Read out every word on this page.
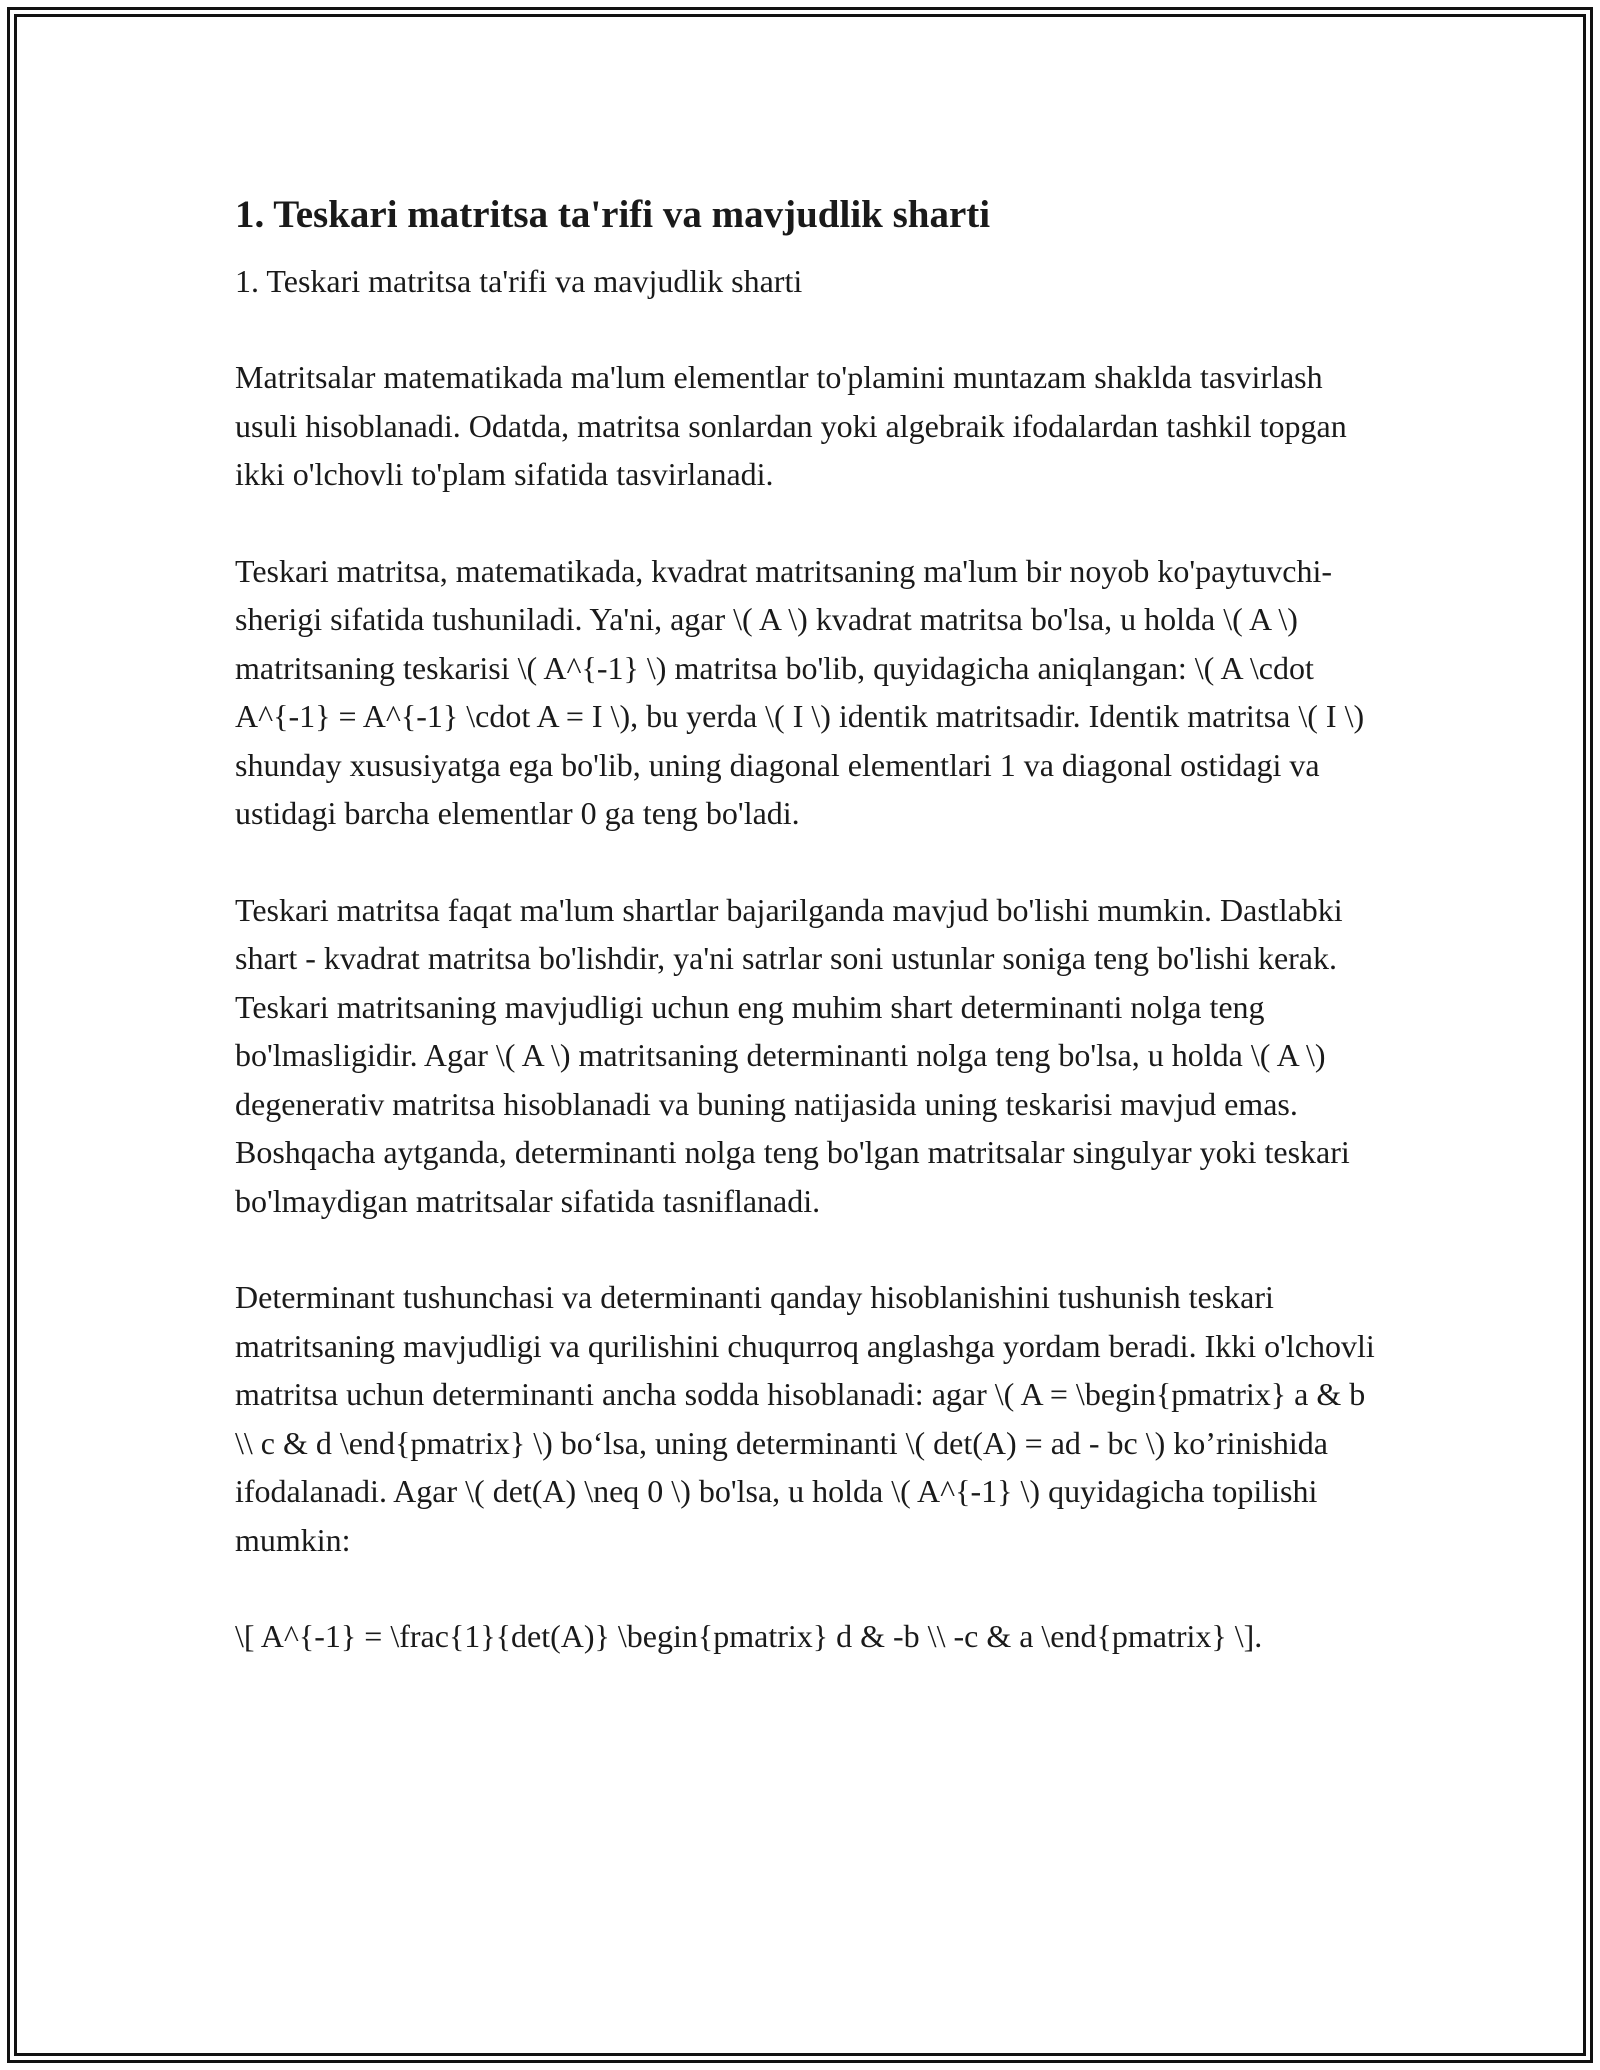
1. Teskari matritsa ta'rifi va mavjudlik sharti

1. Teskari matritsa ta'rifi va mavjudlik sharti

Matritsalar matematikada ma'lum elementlar to'plamini muntazam shaklda tasvirlash usuli hisoblanadi. Odatda, matritsa sonlardan yoki algebraik ifodalardan tashkil topgan ikki o'lchovli to'plam sifatida tasvirlanadi.

Teskari matritsa, matematikada, kvadrat matritsaning ma'lum bir noyob ko'paytuvchi-sherigi sifatida tushuniladi. Ya'ni, agar \( A \) kvadrat matritsa bo'lsa, u holda \( A \) matritsaning teskarisi \( A^{-1} \) matritsa bo'lib, quyidagicha aniqlangan: \( A \cdot A^{-1} = A^{-1} \cdot A = I \), bu yerda \( I \) identik matritsadir. Identik matritsa \( I \) shunday xususiyatga ega bo'lib, uning diagonal elementlari 1 va diagonal ostidagi va ustidagi barcha elementlar 0 ga teng bo'ladi.

Teskari matritsa faqat ma'lum shartlar bajarilganda mavjud bo'lishi mumkin. Dastlabki shart - kvadrat matritsa bo'lishdir, ya'ni satrlar soni ustunlar soniga teng bo'lishi kerak. Teskari matritsaning mavjudligi uchun eng muhim shart determinanti nolga teng bo'lmasligidir. Agar \( A \) matritsaning determinanti nolga teng bo'lsa, u holda \( A \) degenerativ matritsa hisoblanadi va buning natijasida uning teskarisi mavjud emas. Boshqacha aytganda, determinanti nolga teng bo'lgan matritsalar singulyar yoki teskari bo'lmaydigan matritsalar sifatida tasniflanadi.

Determinant tushunchasi va determinanti qanday hisoblanishini tushunish teskari matritsaning mavjudligi va qurilishini chuqurroq anglashga yordam beradi. Ikki o'lchovli matritsa uchun determinanti ancha sodda hisoblanadi: agar \( A = \begin{pmatrix} a & b \\ c & d \end{pmatrix} \) bo‘lsa, uning determinanti \( det(A) = ad - bc \) ko’rinishida ifodalanadi. Agar \( det(A) \neq 0 \) bo'lsa, u holda \( A^{-1} \) quyidagicha topilishi mumkin:

\[ A^{-1} = \frac{1}{det(A)} \begin{pmatrix} d & -b \\ -c & a \end{pmatrix} \].
